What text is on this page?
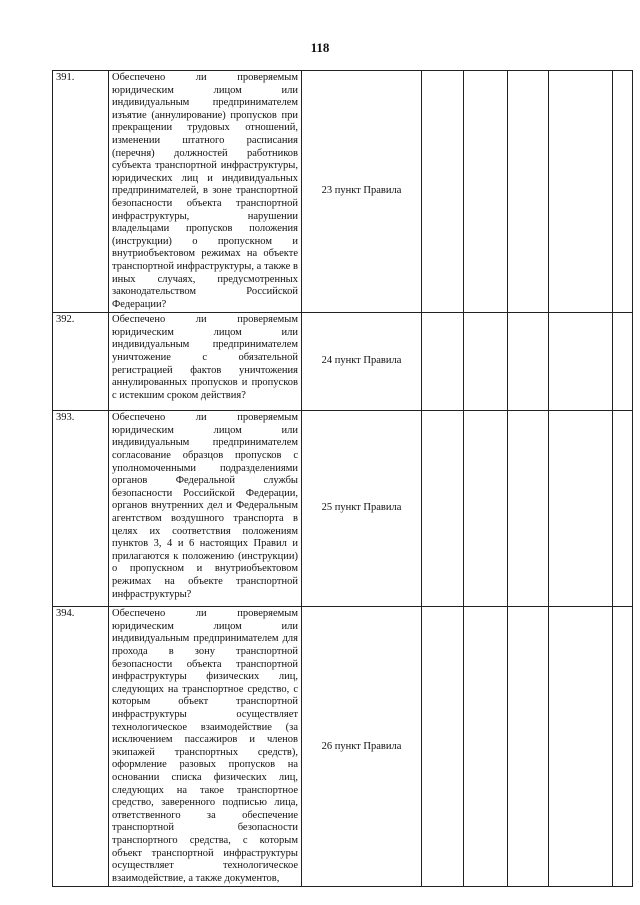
118
391.	Обеспечено ли проверяемым юридическим лицом или индивидуальным предпринимателем изъятие (аннулирование) пропусков при прекращении трудовых отношений, изменении штатного расписания (перечня) должностей работников субъекта транспортной инфраструктуры, юридических лиц и индивидуальных предпринимателей, в зоне транспортной безопасности объекта транспортной инфраструктуры, нарушении владельцами пропусков положения (инструкции) о пропускном и внутриобъектовом режимах на объекте транспортной инфраструктуры, а также в иных случаях, предусмотренных законодательством Российской Федерации?	23 пункт Правила					
392.	Обеспечено ли проверяемым юридическим лицом или индивидуальным предпринимателем уничтожение с обязательной регистрацией фактов уничтожения аннулированных пропусков и пропусков с истекшим сроком действия?	24 пункт Правила					
393.	Обеспечено ли проверяемым юридическим лицом или индивидуальным предпринимателем согласование образцов пропусков с уполномоченными подразделениями органов Федеральной службы безопасности Российской Федерации, органов внутренних дел и Федеральным агентством воздушного транспорта в целях их соответствия положениям пунктов 3, 4 и 6 настоящих Правил и прилагаются к положению (инструкции) о пропускном и внутриобъектовом режимах на объекте транспортной инфраструктуры?	25 пункт Правила					
394.	Обеспечено ли проверяемым юридическим лицом или индивидуальным предпринимателем для прохода в зону транспортной безопасности объекта транспортной инфраструктуры физических лиц, следующих на транспортное средство, с которым объект транспортной инфраструктуры осуществляет технологическое взаимодействие (за исключением пассажиров и членов экипажей транспортных средств), оформление разовых пропусков на основании списка физических лиц, следующих на такое транспортное средство, заверенного подписью лица, ответственного за обеспечение транспортной безопасности транспортного средства, с которым объект транспортной инфраструктуры осуществляет технологическое взаимодействие, а также документов,	26 пункт Правила					
